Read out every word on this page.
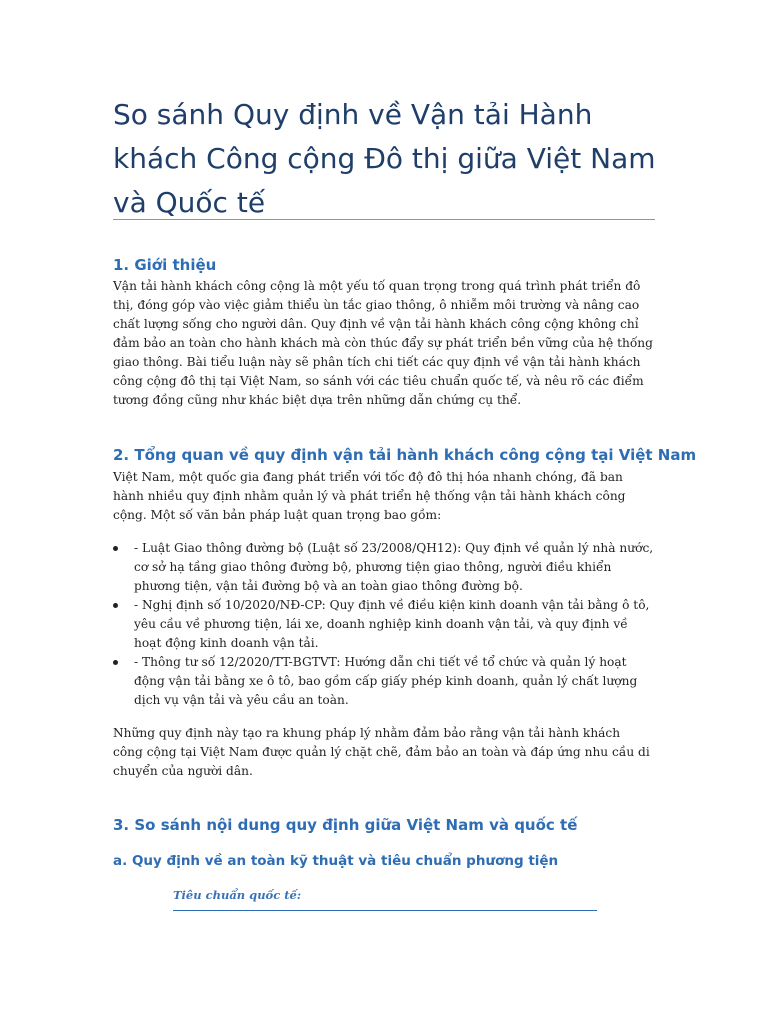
So sánh Quy định về Vận tải Hành khách Công cộng Đô thị giữa Việt Nam và Quốc tế
1. Giới thiệu

Vận tải hành khách công cộng là một yếu tố quan trọng trong quá trình phát triển đô thị, đóng góp vào việc giảm thiểu ùn tắc giao thông, ô nhiễm môi trường và nâng cao chất lượng sống cho người dân. Quy định về vận tải hành khách công cộng không chỉ đảm bảo an toàn cho hành khách mà còn thúc đẩy sự phát triển bền vững của hệ thống giao thông. Bài tiểu luận này sẽ phân tích chi tiết các quy định về vận tải hành khách công cộng đô thị tại Việt Nam, so sánh với các tiêu chuẩn quốc tế, và nêu rõ các điểm tương đồng cũng như khác biệt dựa trên những dẫn chứng cụ thể.

2. Tổng quan về quy định vận tải hành khách công cộng tại Việt Nam

Việt Nam, một quốc gia đang phát triển với tốc độ đô thị hóa nhanh chóng, đã ban hành nhiều quy định nhằm quản lý và phát triển hệ thống vận tải hành khách công cộng. Một số văn bản pháp luật quan trọng bao gồm:

- Luật Giao thông đường bộ (Luật số 23/2008/QH12): Quy định về quản lý nhà nước, cơ sở hạ tầng giao thông đường bộ, phương tiện giao thông, người điều khiển phương tiện, vận tải đường bộ và an toàn giao thông đường bộ.
- Nghị định số 10/2020/NĐ-CP: Quy định về điều kiện kinh doanh vận tải bằng ô tô, yêu cầu về phương tiện, lái xe, doanh nghiệp kinh doanh vận tải, và quy định về hoạt động kinh doanh vận tải.
- Thông tư số 12/2020/TT-BGTVT: Hướng dẫn chi tiết về tổ chức và quản lý hoạt động vận tải bằng xe ô tô, bao gồm cấp giấy phép kinh doanh, quản lý chất lượng dịch vụ vận tải và yêu cầu an toàn.

Những quy định này tạo ra khung pháp lý nhằm đảm bảo rằng vận tải hành khách công cộng tại Việt Nam được quản lý chặt chẽ, đảm bảo an toàn và đáp ứng nhu cầu di chuyển của người dân.

3. So sánh nội dung quy định giữa Việt Nam và quốc tế
a. Quy định về an toàn kỹ thuật và tiêu chuẩn phương tiện

Tiêu chuẩn quốc tế:
